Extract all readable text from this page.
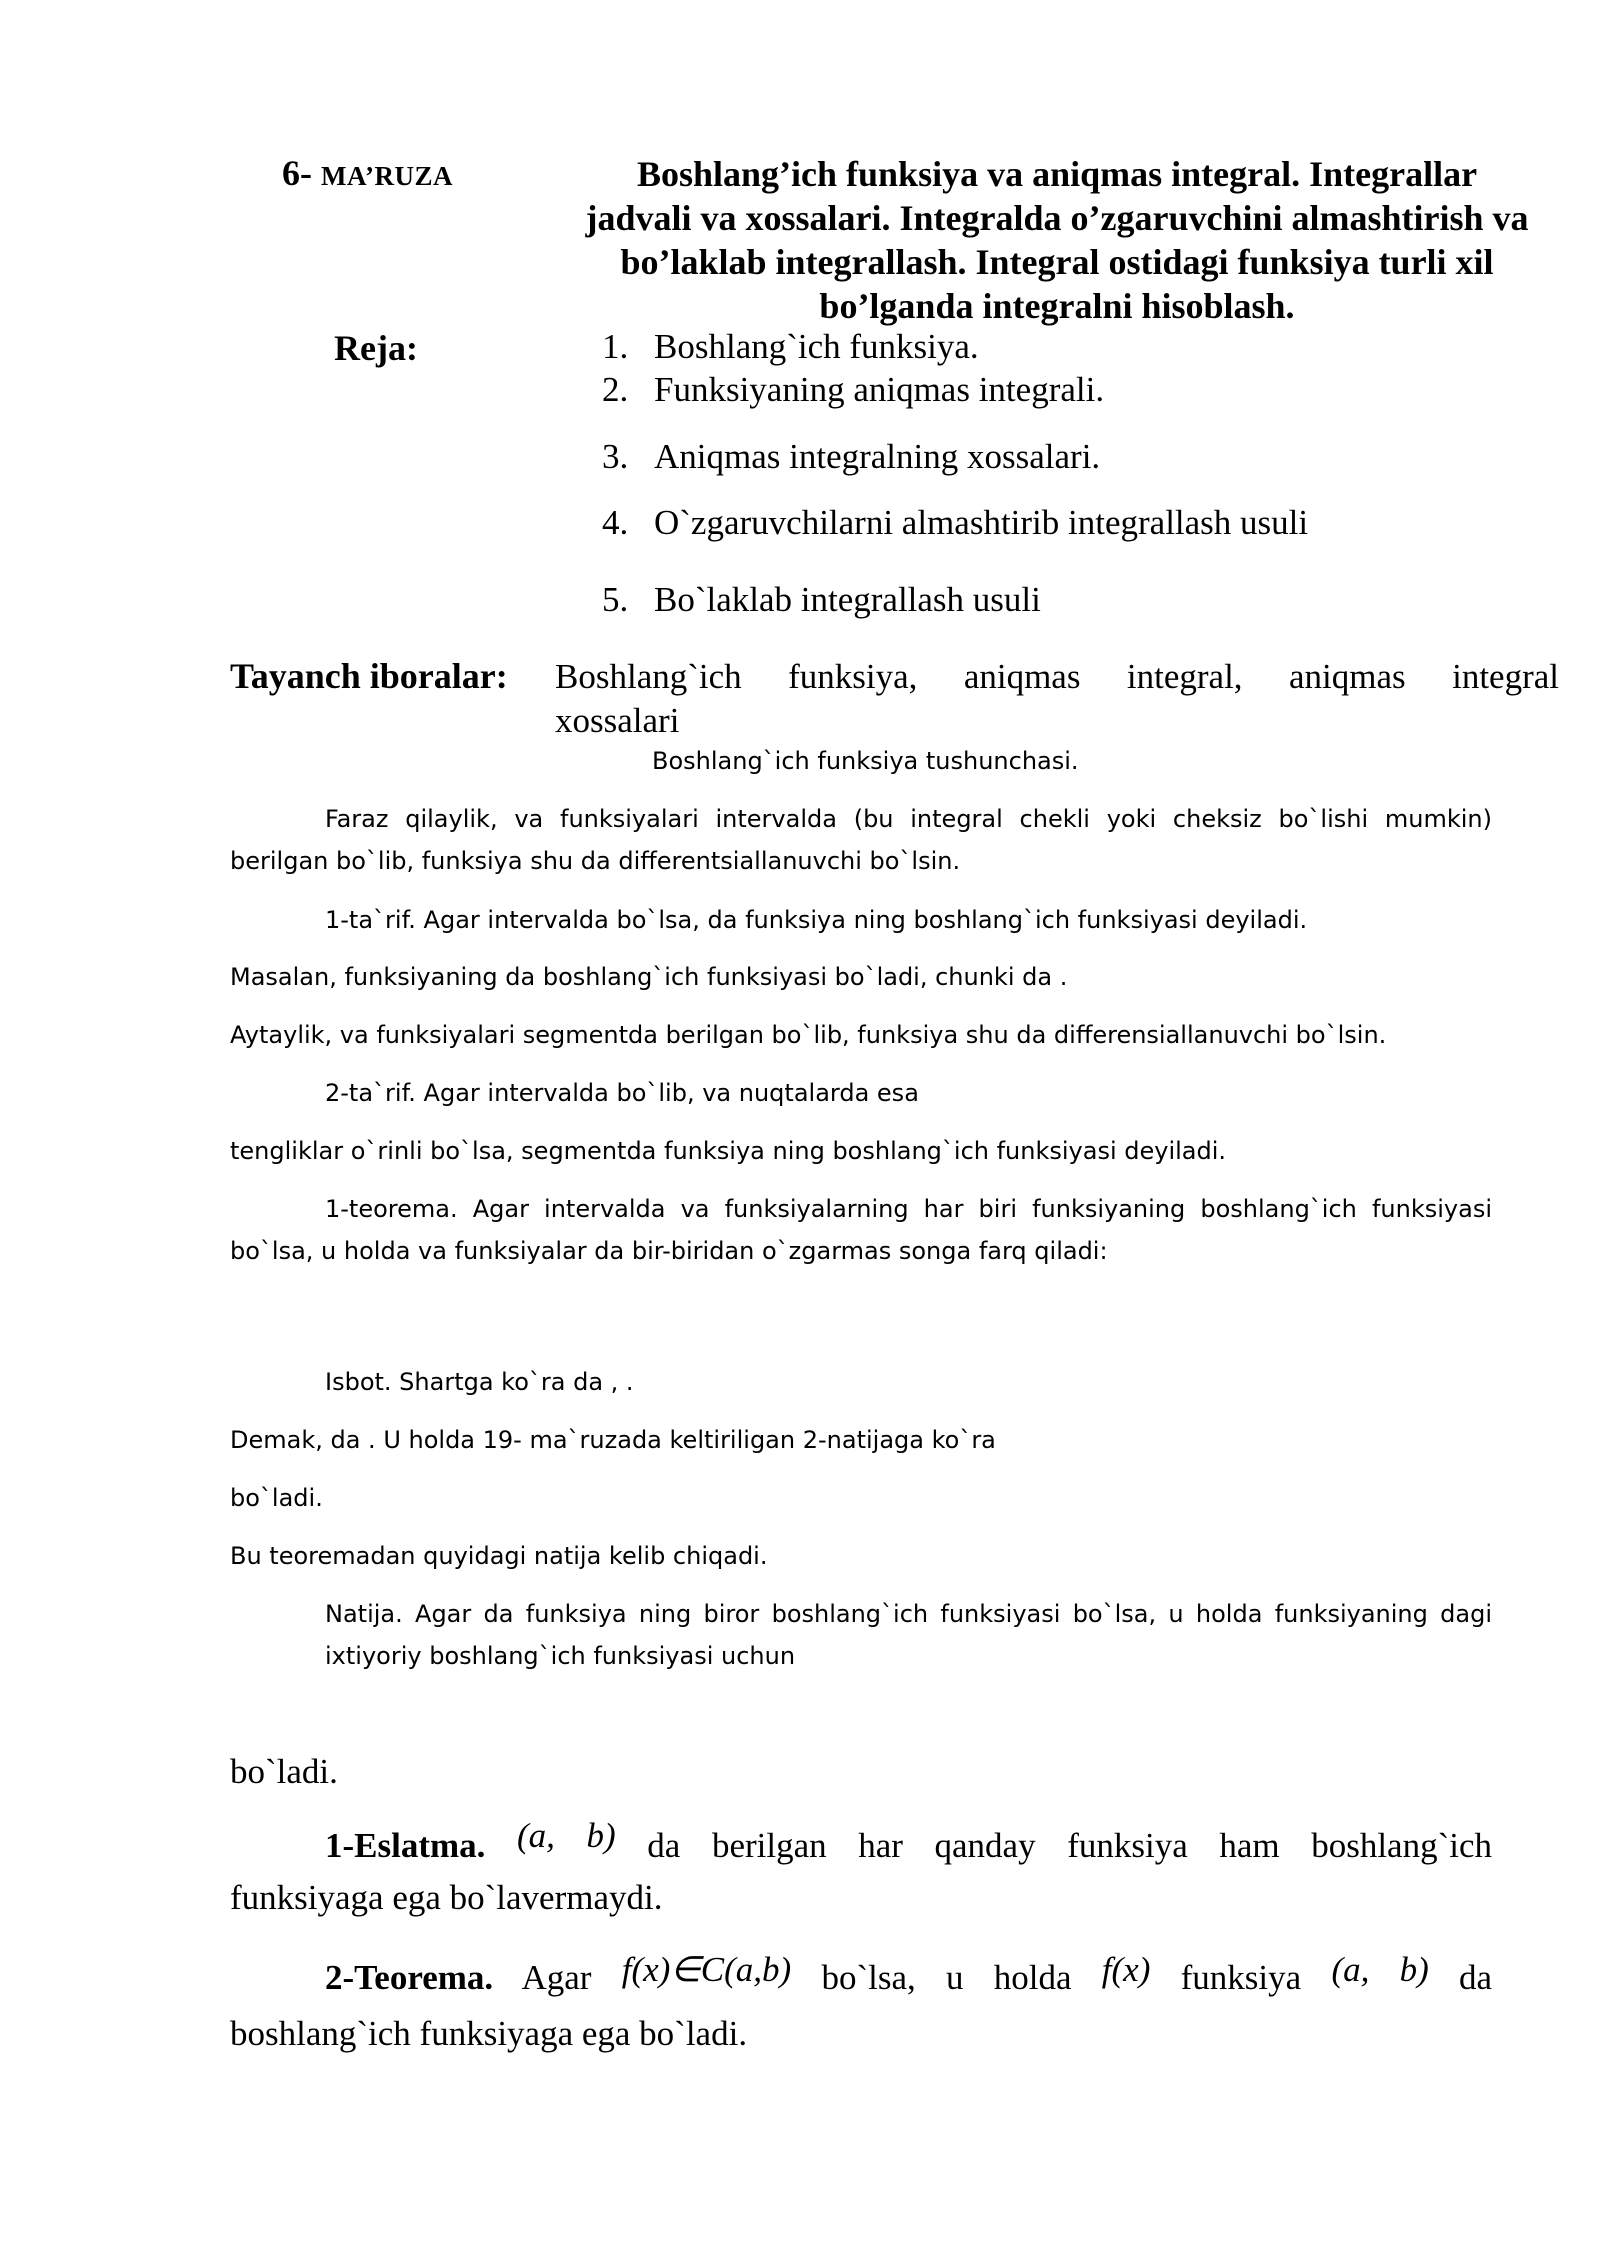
6- MA’RUZA	Boshlang’ich funksiya va aniqmas integral. Integrallar
jadvali va xossalari. Integralda o’zgaruvchini almashtirish va
bo’laklab integrallash. Integral ostidagi funksiya turli xil
bo’lganda integralni hisoblash.
Reja:	1. Boshlang`ich funksiya.
2. Funksiyaning aniqmas integrali.
3. Aniqmas integralning xossalari.
4. O`zgaruvchilarni almashtirib integrallash usuli
5. Bo`laklab integrallash usuli
Tayanch iboralar: Boshlang`ich funksiya, aniqmas integral, aniqmas integral xossalari
Boshlang`ich funksiya tushunchasi.
Faraz qilaylik, va funksiyalari intervalda (bu integral chekli yoki cheksiz bo`lishi mumkin)
berilgan bo`lib, funksiya shu da differentsiallanuvchi bo`lsin.
1-ta`rif. Agar intervalda bo`lsa, da funksiya ning boshlang`ich funksiyasi deyiladi.
Masalan, funksiyaning da boshlang`ich funksiyasi bo`ladi, chunki da .
Aytaylik, va funksiyalari segmentda berilgan bo`lib, funksiya shu da differensiallanuvchi bo`lsin.
2-ta`rif. Agar intervalda bo`lib, va nuqtalarda esa
tengliklar o`rinli bo`lsa, segmentda funksiya ning boshlang`ich funksiyasi deyiladi.
1-teorema. Agar intervalda va funksiyalarning har biri funksiyaning boshlang`ich funksiyasi
bo`lsa, u holda va funksiyalar da bir-biridan o`zgarmas songa farq qiladi:
Isbot. Shartga ko`ra da , .
Demak, da . U holda 19- ma`ruzada keltiriligan 2-natijaga ko`ra
bo`ladi.
Bu teoremadan quyidagi natija kelib chiqadi.
Natija. Agar da funksiya ning biror boshlang`ich funksiyasi bo`lsa, u holda funksiyaning dagi
ixtiyoriy boshlang`ich funksiyasi uchun
bo`ladi.
1-Eslatma. (a, b) da berilgan har qanday funksiya ham boshlang`ich
funksiyaga ega bo`lavermaydi.
2-Teorema. Agar f(x)∈C(a,b) bo`lsa, u holda f(x) funksiya (a, b) da
boshlang`ich funksiyaga ega bo`ladi.
